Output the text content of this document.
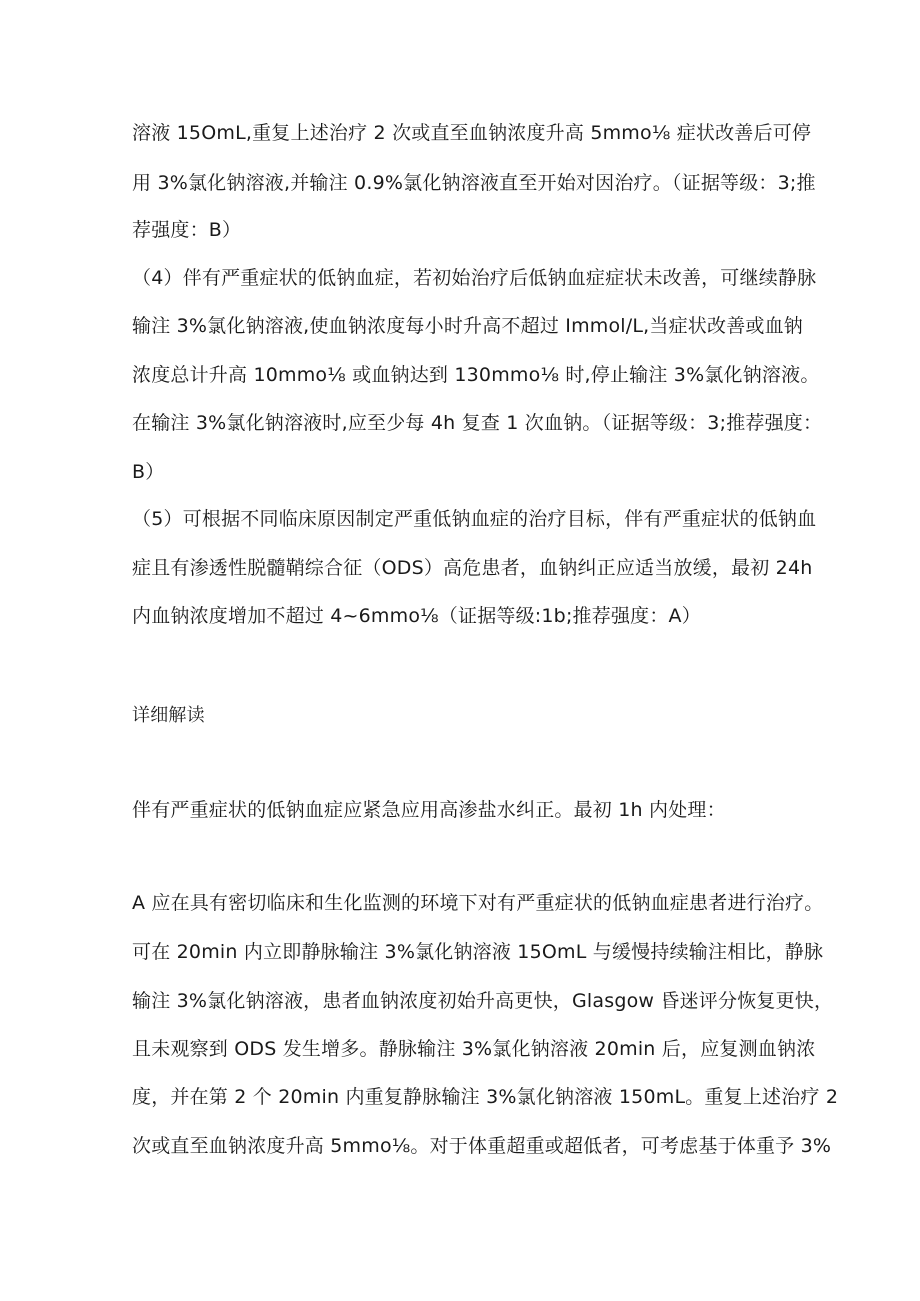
溶液 15OmL,重复上述治疗 2 次或直至血钠浓度升高 5mmo⅛ 症状改善后可停
用 3%氯化钠溶液,并输注 0.9%氯化钠溶液直至开始对因治疗。（证据等级：3;推
荐强度：B）
（4）伴有严重症状的低钠血症，若初始治疗后低钠血症症状未改善，可继续静脉
输注 3%氯化钠溶液,使血钠浓度每小时升高不超过 Immol/L,当症状改善或血钠
浓度总计升高 10mmo⅛ 或血钠达到 130mmo⅛ 时,停止输注 3%氯化钠溶液。
在输注 3%氯化钠溶液时,应至少每 4h 复查 1 次血钠。（证据等级：3;推荐强度：
B）
（5）可根据不同临床原因制定严重低钠血症的治疗目标，伴有严重症状的低钠血
症且有渗透性脱髓鞘综合征（ODS）高危患者，血钠纠正应适当放缓，最初 24h
内血钠浓度增加不超过 4~6mmo⅛（证据等级:1b;推荐强度：A）
详细解读
伴有严重症状的低钠血症应紧急应用高渗盐水纠正。最初 1h 内处理：
A 应在具有密切临床和生化监测的环境下对有严重症状的低钠血症患者进行治疗。
可在 20min 内立即静脉输注 3%氯化钠溶液 15OmL 与缓慢持续输注相比，静脉
输注 3%氯化钠溶液，患者血钠浓度初始升高更快，Glasgow 昏迷评分恢复更快，
且未观察到 ODS 发生增多。静脉输注 3%氯化钠溶液 20min 后，应复测血钠浓
度，并在第 2 个 20min 内重复静脉输注 3%氯化钠溶液 150mL。重复上述治疗 2
次或直至血钠浓度升高 5mmo⅛。对于体重超重或超低者，可考虑基于体重予 3%
